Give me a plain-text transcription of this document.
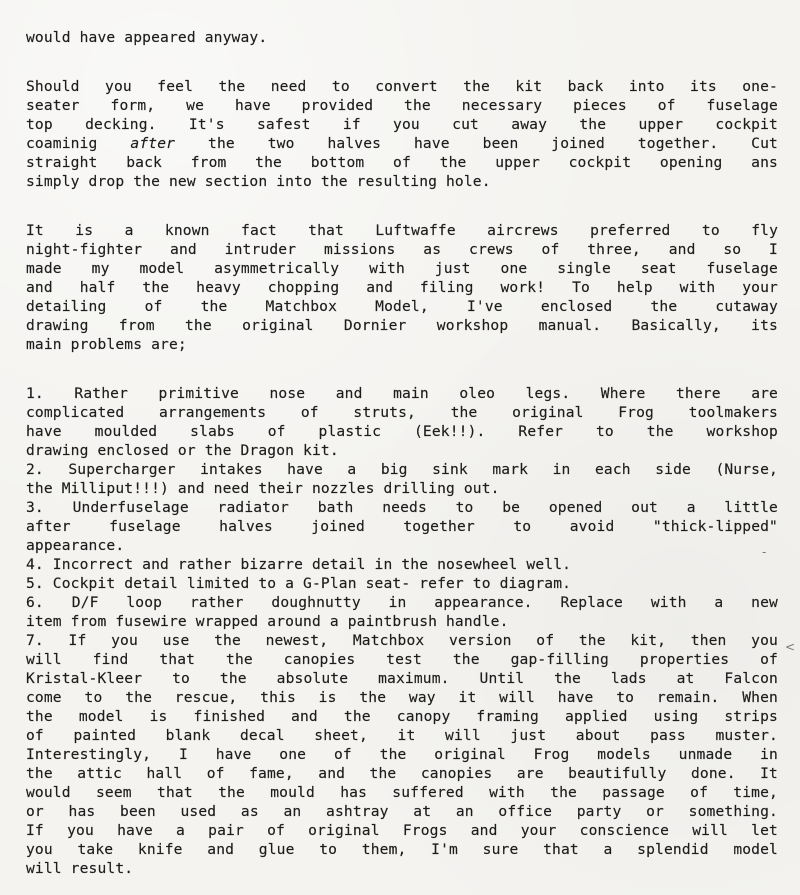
would have appeared anyway.
Should you feel the need to convert the kit back into its one-
seater form, we have provided the necessary pieces of fuselage
top decking. It's safest if you cut away the upper cockpit
coaminig after the two halves have been joined together. Cut
straight back from the bottom of the upper cockpit opening ans
simply drop the new section into the resulting hole.
It is a known fact that Luftwaffe aircrews preferred to fly
night-fighter and intruder missions as crews of three, and so I
made my model asymmetrically with just one single seat fuselage
and half the heavy chopping and filing work! To help with your
detailing of the Matchbox Model, I've enclosed the cutaway
drawing from the original Dornier workshop manual. Basically, its
main problems are;
1. Rather primitive nose and main oleo legs. Where there are
complicated arrangements of struts, the original Frog toolmakers
have moulded slabs of plastic (Eek!!). Refer to the workshop
drawing enclosed or the Dragon kit.
2. Supercharger intakes have a big sink mark in each side (Nurse,
the Milliput!!!) and need their nozzles drilling out.
3. Underfuselage radiator bath needs to be opened out a little
after fuselage halves joined together to avoid "thick-lipped"
appearance.
4. Incorrect and rather bizarre detail in the nosewheel well.
5. Cockpit detail limited to a G-Plan seat- refer to diagram.
6. D/F loop rather doughnutty in appearance. Replace with a new
item from fusewire wrapped around a paintbrush handle.
7. If you use the newest, Matchbox version of the kit, then you
will find that the canopies test the gap-filling properties of
Kristal-Kleer to the absolute maximum. Until the lads at Falcon
come to the rescue, this is the way it will have to remain. When
the model is finished and the canopy framing applied using strips
of painted blank decal sheet, it will just about pass muster.
Interestingly, I have one of the original Frog models unmade in
the attic hall of fame, and the canopies are beautifully done. It
would seem that the mould has suffered with the passage of time,
or has been used as an ashtray at an office party or something.
If you have a pair of original Frogs and your conscience will let
you take knife and glue to them, I'm sure that a splendid model
will result.
-
<
